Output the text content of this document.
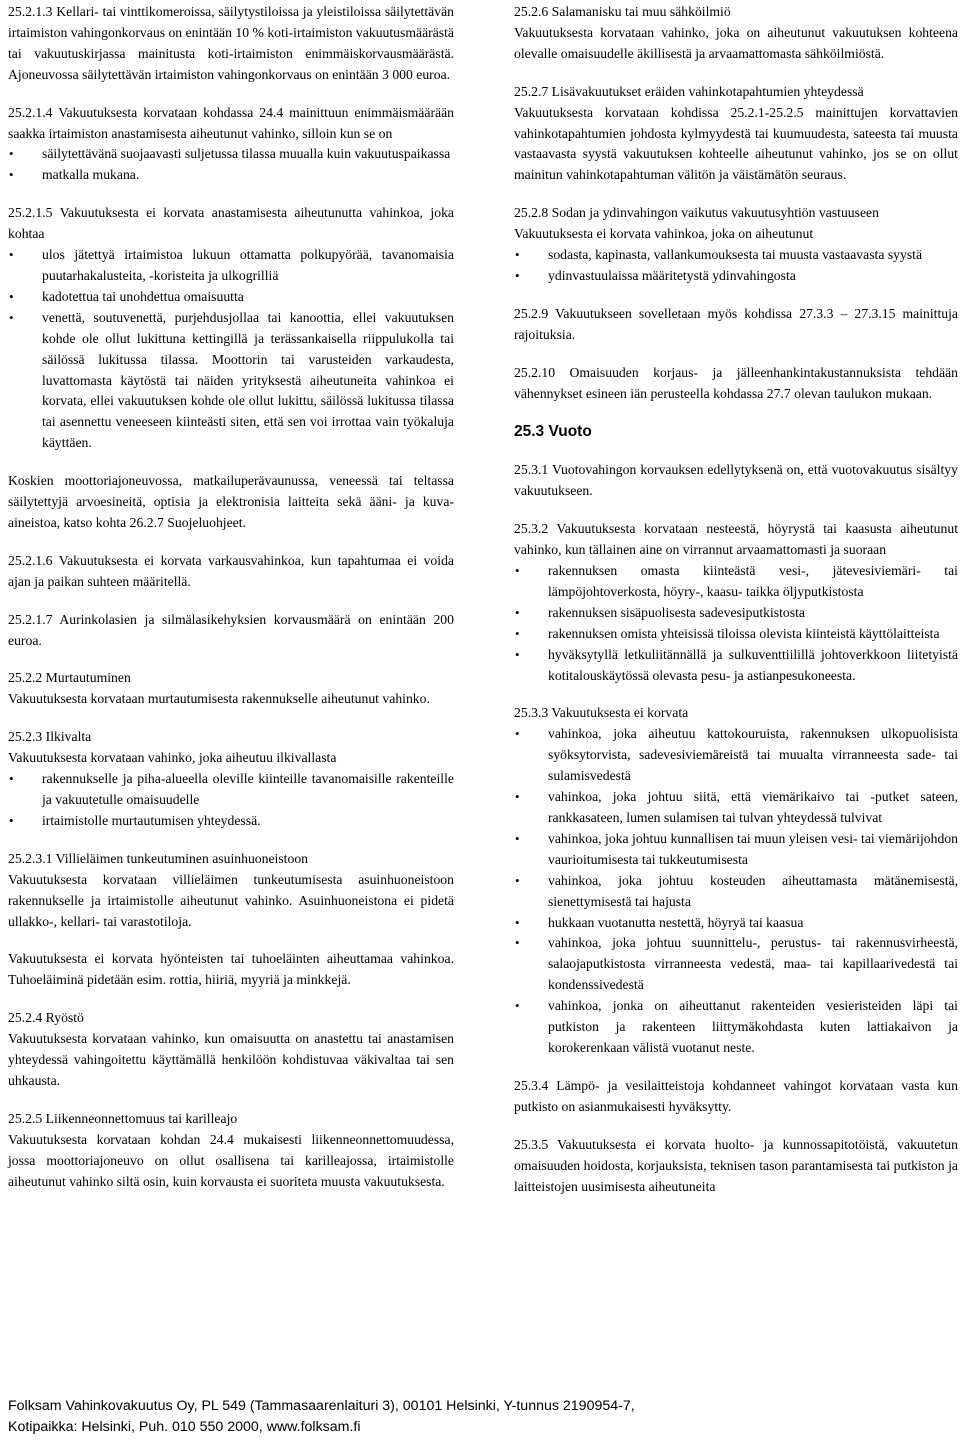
25.2.1.3 Kellari- tai vinttikomeroissa, säilytystiloissa ja yleistiloissa säilytettävän irtaimiston vahingonkorvaus on enintään 10 % koti-irtaimiston vakuutusmäärästä tai vakuutuskirjassa mainitusta koti-irtaimiston enimmäiskorvausmäärästä. Ajoneuvossa säilytettävän irtaimiston vahingonkorvaus on enintään 3 000 euroa.

25.2.1.4 Vakuutuksesta korvataan kohdassa 24.4 mainittuun enimmäismäärään saakka irtaimiston anastamisesta aiheutunut vahinko, silloin kun se on

• säilytettävänä suojaavasti suljetussa tilassa muualla kuin vakuutuspaikassa
• matkalla mukana.

25.2.1.5 Vakuutuksesta ei korvata anastamisesta aiheutunutta vahinkoa, joka kohtaa

• ulos jätettyä irtaimistoa lukuun ottamatta polkupyörää, tavanomaisia puutarhakalusteita, -koristeita ja ulkogrilliä
• kadotettua tai unohdettua omaisuutta
• venettä, soutuvenettä, purjehdusjollaa tai kanoottia, ellei vakuutuksen kohde ole ollut lukittuna kettingillä ja terässankaisella riippulukolla tai säilössä lukitussa tilassa. Moottorin tai varusteiden varkaudesta, luvattomasta käytöstä tai näiden yrityksestä aiheutuneita vahinkoa ei korvata, ellei vakuutuksen kohde ole ollut lukittu, säilössä lukitussa tilassa tai asennettu veneeseen kiinteästi siten, että sen voi irrottaa vain työkaluja käyttäen.

Koskien moottoriajoneuvossa, matkailuperävaunussa, veneessä tai teltassa säilytettyjä arvoesineitä, optisia ja elektronisia laitteita sekä ääni- ja kuva-aineistoa, katso kohta 26.2.7 Suojeluohjeet.

25.2.1.6 Vakuutuksesta ei korvata varkausvahinkoa, kun tapahtumaa ei voida ajan ja paikan suhteen määritellä.

25.2.1.7 Aurinkolasien ja silmälasikehyksien korvausmäärä on enintään 200 euroa.

25.2.2 Murtautuminen

Vakuutuksesta korvataan murtautumisesta rakennukselle aiheutunut vahinko.

25.2.3 Ilkivalta

Vakuutuksesta korvataan vahinko, joka aiheutuu ilkivallasta

• rakennukselle ja piha-alueella oleville kiinteille tavanomaisille rakenteille ja vakuutetulle omaisuudelle
• irtaimistolle murtautumisen yhteydessä.

25.2.3.1 Villieläimen tunkeutuminen asuinhuoneistoon

Vakuutuksesta korvataan villieläimen tunkeutumisesta asuinhuoneistoon rakennukselle ja irtaimistolle aiheutunut vahinko. Asuinhuoneistona ei pidetä ullakko-, kellari- tai varastotiloja.

Vakuutuksesta ei korvata hyönteisten tai tuhoeläinten aiheuttamaa vahinkoa. Tuhoeläiminä pidetään esim. rottia, hiiriä, myyriä ja minkkejä.

25.2.4 Ryöstö

Vakuutuksesta korvataan vahinko, kun omaisuutta on anastettu tai anastamisen yhteydessä vahingoitettu käyttämällä henkilöön kohdistuvaa väkivaltaa tai sen uhkausta.

25.2.5 Liikenneonnettomuus tai karilleajo

Vakuutuksesta korvataan kohdan 24.4 mukaisesti liikenneonnettomuudessa, jossa moottoriajoneuvo on ollut osallisena tai karilleajossa, irtaimistolle aiheutunut vahinko siltä osin, kuin korvausta ei suoriteta muusta vakuutuksesta.

25.2.6 Salamanisku tai muu sähköilmiö

Vakuutuksesta korvataan vahinko, joka on aiheutunut vakuutuksen kohteena olevalle omaisuudelle äkillisestä ja arvaamattomasta sähköilmiöstä.

25.2.7 Lisävakuutukset eräiden vahinkotapahtumien yhteydessä

Vakuutuksesta korvataan kohdissa 25.2.1-25.2.5 mainittujen korvattavien vahinkotapahtumien johdosta kylmyydestä tai kuumuudesta, sateesta tai muusta vastaavasta syystä vakuutuksen kohteelle aiheutunut vahinko, jos se on ollut mainitun vahinkotapahtuman välitön ja väistämätön seuraus.

25.2.8 Sodan ja ydinvahingon vaikutus vakuutusyhtiön vastuuseen

Vakuutuksesta ei korvata vahinkoa, joka on aiheutunut

• sodasta, kapinasta, vallankumouksesta tai muusta vastaavasta syystä
• ydinvastuulaissa määritetystä ydinvahingosta

25.2.9 Vakuutukseen sovelletaan myös kohdissa 27.3.3 – 27.3.15 mainittuja rajoituksia.

25.2.10 Omaisuuden korjaus- ja jälleenhankintakustannuksista tehdään vähennykset esineen iän perusteella kohdassa 27.7 olevan taulukon mukaan.

25.3 Vuoto

25.3.1 Vuotovahingon korvauksen edellytyksenä on, että vuotovakuutus sisältyy vakuutukseen.

25.3.2 Vakuutuksesta korvataan nesteestä, höyrystä tai kaasusta aiheutunut vahinko, kun tällainen aine on virrannut arvaamattomasti ja suoraan

• rakennuksen omasta kiinteästä vesi-, jätevesiviemäri- tai lämpöjohtoverkosta, höyry-, kaasu- taikka öljyputkistosta
• rakennuksen sisäpuolisesta sadevesiputkistosta
• rakennuksen omista yhteisissä tiloissa olevista kiinteistä käyttölaitteista
• hyväksytyllä letkuliitännällä ja sulkuventtiilillä johtoverkkoon liitetyistä kotitalouskäytössä olevasta pesu- ja astianpesukoneesta.

25.3.3 Vakuutuksesta ei korvata

• vahinkoa, joka aiheutuu kattokouruista, rakennuksen ulkopuolisista syöksytorvista, sadevesiviemäreistä tai muualta virranneesta sade- tai sulamisvedestä
• vahinkoa, joka johtuu siitä, että viemärikaivo tai -putket sateen, rankkasateen, lumen sulamisen tai tulvan yhteydessä tulvivat
• vahinkoa, joka johtuu kunnallisen tai muun yleisen vesi- tai viemärijohdon vaurioitumisesta tai tukkeutumisesta
• vahinkoa, joka johtuu kosteuden aiheuttamasta mätänemisestä, sienettymisestä tai hajusta
• hukkaan vuotanutta nestettä, höyryä tai kaasua
• vahinkoa, joka johtuu suunnittelu-, perustus- tai rakennusvirheestä, salaojaputkistosta virranneesta vedestä, maa- tai kapillaarivedestä tai kondenssivedestä
• vahinkoa, jonka on aiheuttanut rakenteiden vesieristeiden läpi tai putkiston ja rakenteen liittymäkohdasta kuten lattiakaivon ja korokerenkaan välistä vuotanut neste.

25.3.4 Lämpö- ja vesilaitteistoja kohdanneet vahingot korvataan vasta kun putkisto on asianmukaisesti hyväksytty.

25.3.5 Vakuutuksesta ei korvata huolto- ja kunnossapitotöistä, vakuutetun omaisuuden hoidosta, korjauksista, teknisen tason parantamisesta tai putkiston ja laitteistojen uusimisesta aiheutuneita

Folksam Vahinkovakuutus Oy, PL 549 (Tammasaarenlaituri 3), 00101 Helsinki, Y-tunnus 2190954-7,
Kotipaikka: Helsinki, Puh. 010 550 2000, www.folksam.fi
